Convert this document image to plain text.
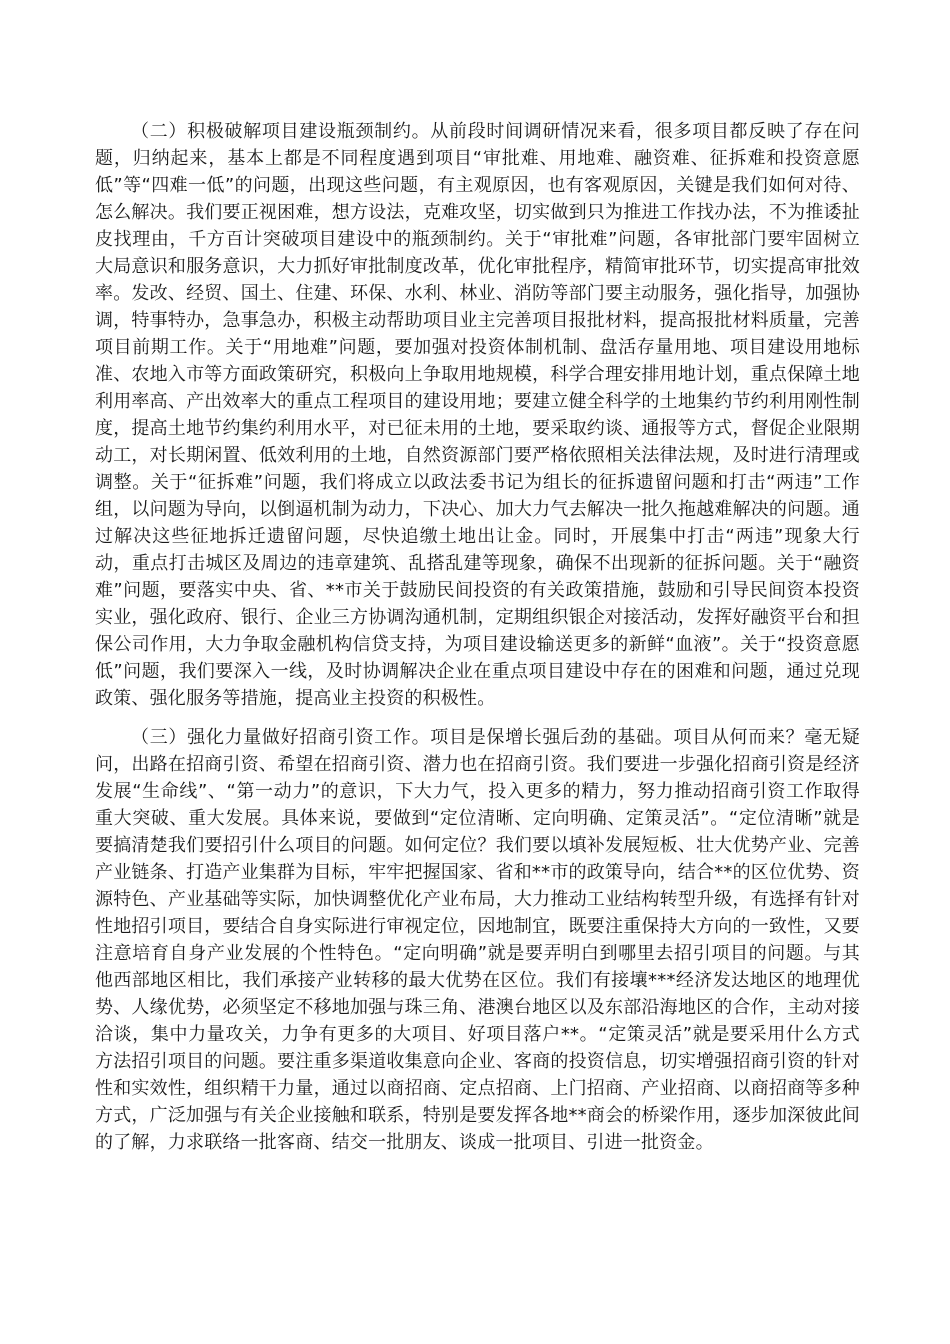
（二）积极破解项目建设瓶颈制约。从前段时间调研情况来看，很多项目都反映了存在问题，归纳起来，基本上都是不同程度遇到项目“审批难、用地难、融资难、征拆难和投资意愿低”等“四难一低”的问题，出现这些问题，有主观原因，也有客观原因，关键是我们如何对待、怎么解决。我们要正视困难，想方设法，克难攻坚，切实做到只为推进工作找办法，不为推诿扯皮找理由，千方百计突破项目建设中的瓶颈制约。关于“审批难”问题，各审批部门要牢固树立大局意识和服务意识，大力抓好审批制度改革，优化审批程序，精简审批环节，切实提高审批效率。发改、经贸、国土、住建、环保、水利、林业、消防等部门要主动服务，强化指导，加强协调，特事特办，急事急办，积极主动帮助项目业主完善项目报批材料，提高报批材料质量，完善项目前期工作。关于“用地难”问题，要加强对投资体制机制、盘活存量用地、项目建设用地标准、农地入市等方面政策研究，积极向上争取用地规模，科学合理安排用地计划，重点保障土地利用率高、产出效率大的重点工程项目的建设用地；要建立健全科学的土地集约节约利用刚性制度，提高土地节约集约利用水平，对已征未用的土地，要采取约谈、通报等方式，督促企业限期动工，对长期闲置、低效利用的土地，自然资源部门要严格依照相关法律法规，及时进行清理或调整。关于“征拆难”问题，我们将成立以政法委书记为组长的征拆遗留问题和打击“两违”工作组，以问题为导向，以倒逼机制为动力，下决心、加大力气去解决一批久拖越难解决的问题。通过解决这些征地拆迁遗留问题，尽快追缴土地出让金。同时，开展集中打击“两违”现象大行动，重点打击城区及周边的违章建筑、乱搭乱建等现象，确保不出现新的征拆问题。关于“融资难”问题，要落实中央、省、**市关于鼓励民间投资的有关政策措施，鼓励和引导民间资本投资实业，强化政府、银行、企业三方协调沟通机制，定期组织银企对接活动，发挥好融资平台和担保公司作用，大力争取金融机构信贷支持，为项目建设输送更多的新鲜“血液”。关于“投资意愿低”问题，我们要深入一线，及时协调解决企业在重点项目建设中存在的困难和问题，通过兑现政策、强化服务等措施，提高业主投资的积极性。

（三）强化力量做好招商引资工作。项目是保增长强后劲的基础。项目从何而来？毫无疑问，出路在招商引资、希望在招商引资、潜力也在招商引资。我们要进一步强化招商引资是经济发展“生命线”、“第一动力”的意识，下大力气，投入更多的精力，努力推动招商引资工作取得重大突破、重大发展。具体来说，要做到“定位清晰、定向明确、定策灵活”。“定位清晰”就是要搞清楚我们要招引什么项目的问题。如何定位？我们要以填补发展短板、壮大优势产业、完善产业链条、打造产业集群为目标，牢牢把握国家、省和**市的政策导向，结合**的区位优势、资源特色、产业基础等实际，加快调整优化产业布局，大力推动工业结构转型升级，有选择有针对性地招引项目，要结合自身实际进行审视定位，因地制宜，既要注重保持大方向的一致性，又要注意培育自身产业发展的个性特色。“定向明确”就是要弄明白到哪里去招引项目的问题。与其他西部地区相比，我们承接产业转移的最大优势在区位。我们有接壤***经济发达地区的地理优势、人缘优势，必须坚定不移地加强与珠三角、港澳台地区以及东部沿海地区的合作，主动对接洽谈，集中力量攻关，力争有更多的大项目、好项目落户**。“定策灵活”就是要采用什么方式方法招引项目的问题。要注重多渠道收集意向企业、客商的投资信息，切实增强招商引资的针对性和实效性，组织精干力量，通过以商招商、定点招商、上门招商、产业招商、以商招商等多种方式，广泛加强与有关企业接触和联系，特别是要发挥各地**商会的桥梁作用，逐步加深彼此间的了解，力求联络一批客商、结交一批朋友、谈成一批项目、引进一批资金。
